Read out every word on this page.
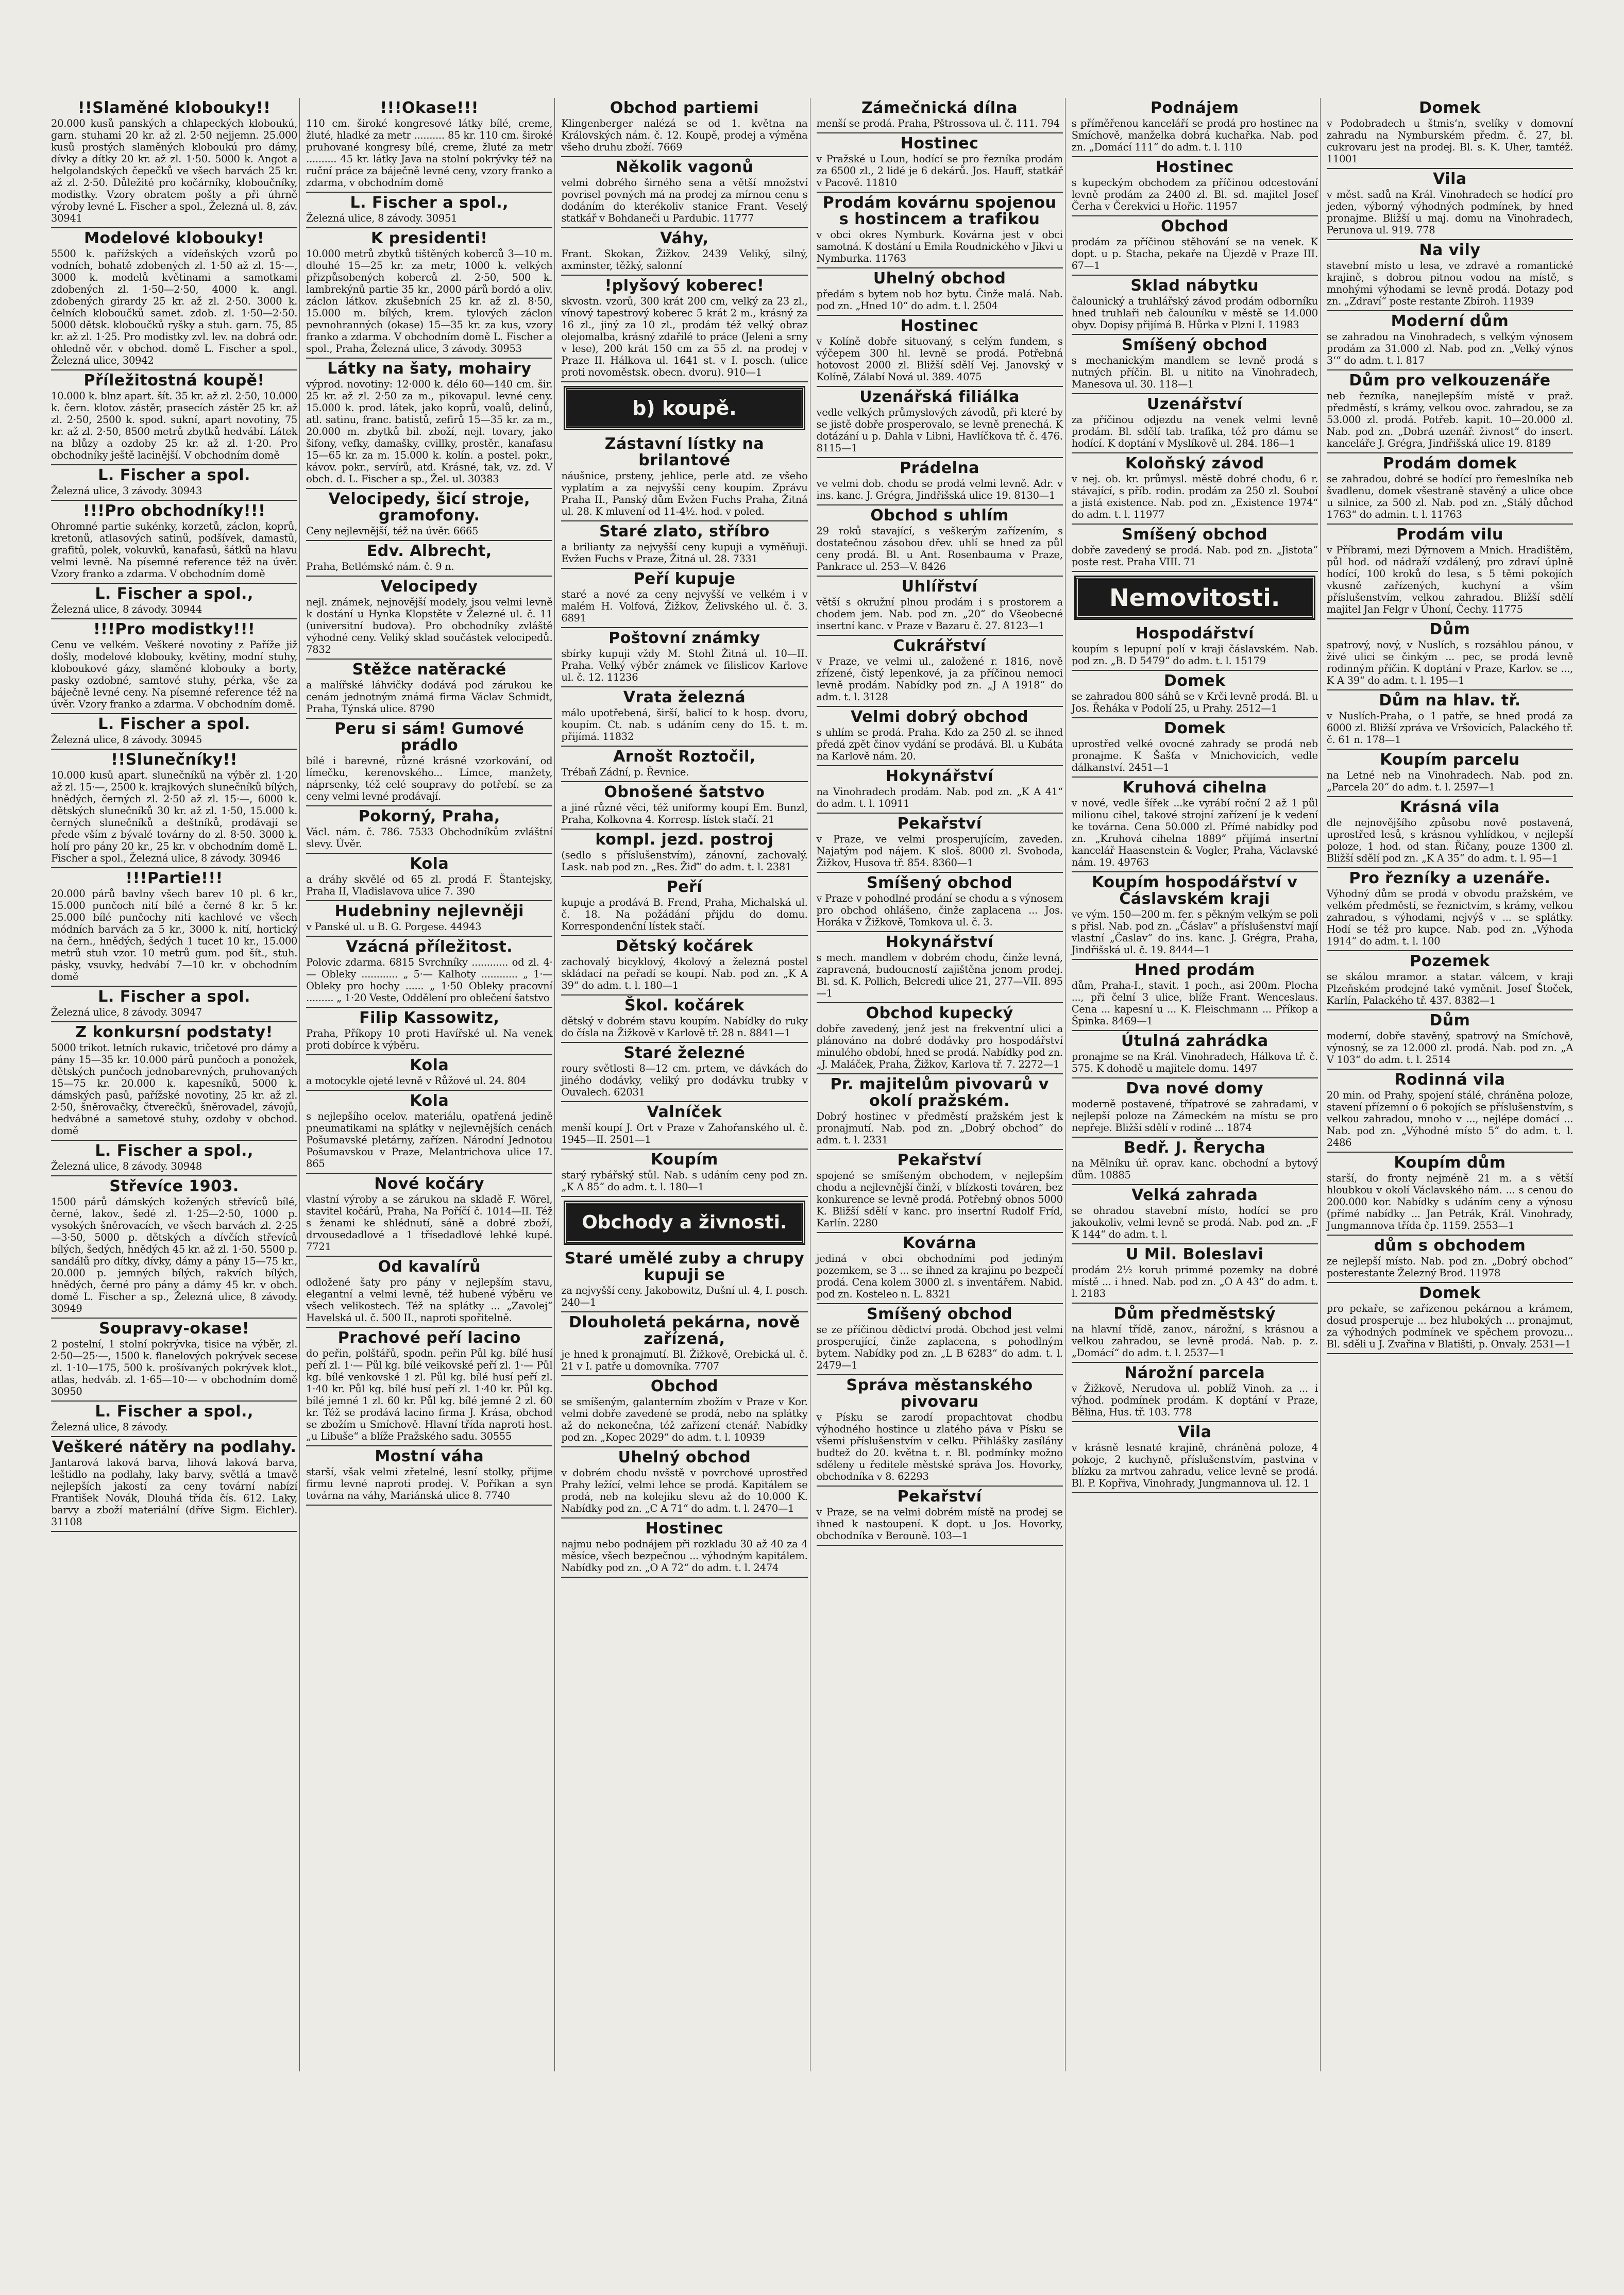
!!Slaměné klobouky!!

20.000 kusů panských a chlapeckých kloboukú, garn. stuhami 20 kr. až zl. 2·50 nejjemn. 25.000 kusů prostých slaměných kloboukú pro dámy, dívky a dítky 20 kr. až zl. 1·50. 5000 k. Angot a helgolandských čepečků ve všech barvách 25 kr. až zl. 2·50. Důležité pro kočárníky, kloboučníky, modistky. Vzory obratem pošty a při úhrně výroby levné L. Fischer a spol., Železná ul. 8, záv. 30941

Modelové klobouky!

5500 k. pařížských a vídeňských vzorů po vodních, bohatě zdobených zl. 1·50 až zl. 15·—, 3000 k. modelů květinami a samotkami zdobených zl. 1·50—2·50, 4000 k. angl. zdobených girardy 25 kr. až zl. 2·50. 3000 k. čelních kloboučků samet. zdob. zl. 1·50—2·50. 5000 dětsk. kloboučků ryšky a stuh. garn. 75, 85 kr. až zl. 1·25. Pro modistky zvl. lev. na dobrá odr. ohledně věr. v obchod. domě L. Fischer a spol., Železná ulice, 30942

Příležitostná koupě!

10.000 k. blnz apart. šít. 35 kr. až zl. 2·50, 10.000 k. čern. klotov. zástěr, prasecích zástěr 25 kr. až zl. 2·50, 2500 k. spod. sukní, apart novotiny, 75 kr. až zl. 2·50, 8500 metrů zbytků hedvábí. Látek na blůzy a ozdoby 25 kr. až zl. 1·20. Pro obchodníky ještě lacinější. V obchodním domě

L. Fischer a spol.

Železná ulice, 3 závody. 30943

!!!Pro obchodníky!!!

Ohromné partie sukénky, korzetů, záclon, koprů, kretonů, atlasových satinů, podšívek, damastů, grafitů, polek, vokuvků, kanafasů, šátků na hlavu velmi levně. Na písemné reference též na úvěr. Vzory franko a zdarma. V obchodním domě

L. Fischer a spol.,

Železná ulice, 8 závody. 30944

!!!Pro modistky!!!

Cenu ve velkém. Veškeré novotiny z Paříže již došly, modelové klobouky, květiny, modní stuhy, kloboukové gázy, slaměné klobouky a borty, pasky ozdobné, samtové stuhy, pérka, vše za báječně levné ceny. Na písemné reference též na úvěr. Vzory franko a zdarma. V obchodním domě.

L. Fischer a spol.

Železná ulice, 8 závody. 30945

!!Slunečníky!!

10.000 kusů apart. slunečníků na výběr zl. 1·20 až zl. 15·—, 2500 k. krajkových slunečníků bílých, hnědých, černých zl. 2·50 až zl. 15·—, 6000 k. dětských slunečníků 30 kr. až zl. 1·50, 15.000 k. černých slunečníků a deštníků, prodávají se přede vším z bývalé továrny do zl. 8·50. 3000 k. holí pro pány 20 kr., 25 kr. v obchodním domě L. Fischer a spol., Železná ulice, 8 závody. 30946

!!!Partie!!!

20.000 párů bavlny všech barev 10 pl. 6 kr., 15.000 punčoch nití bílé a černé 8 kr. 5 kr. 25.000 bílé punčochy niti kachlové ve všech módních barvách za 5 kr., 3000 k. nití, hortický na čern., hnědých, šedých 1 tucet 10 kr., 15.000 metrů stuh vzor. 10 metrů gum. pod šít., stuh. pásky, vsuvky, hedvábí 7—10 kr. v obchodním domě

L. Fischer a spol.

Železná ulice, 8 závody. 30947

Z konkursní podstaty!

5000 trikot. letních rukavic, tričetové pro dámy a pány 15—35 kr. 10.000 párů punčoch a ponožek, dětských punčoch jednobarevných, pruhovaných 15—75 kr. 20.000 k. kapesníků, 5000 k. dámských pasů, pařížské novotiny, 25 kr. až zl. 2·50, šněrovačky, čtverečků, šněrovadel, závojů, hedvábné a sametové stuhy, ozdoby v obchod. domě

L. Fischer a spol.,

Železná ulice, 8 závody. 30948

Střevíce 1903.

1500 párů dámských kožených střevíců bílé, černé, lakov., šedé zl. 1·25—2·50, 1000 p. vysokých šněrovacích, ve všech barvách zl. 2·25—3·50, 5000 p. dětských a dívčích střevíců bílých, šedých, hnědých 45 kr. až zl. 1·50. 5500 p. sandálů pro dítky, dívky, dámy a pány 15—75 kr., 20.000 p. jemných bílých, rakvích bílých, hnědých, černé pro pány a dámy 45 kr. v obch. domě L. Fischer a sp., Železná ulice, 8 závody. 30949

Soupravy-okase!

2 postelní, 1 stolní pokrývka, tisice na výběr, zl. 2·50—25·—, 1500 k. flanelových pokrývek secese zl. 1·10—175, 500 k. prošívaných pokrývek klot., atlas, hedváb. zl. 1·65—10·— v obchodním domě 30950

L. Fischer a spol.,

Železná ulice, 8 závody.

Veškeré nátěry na podlahy.

Jantarová laková barva, lihová laková barva, leštidlo na podlahy, laky barvy, světlá a tmavě nejlepších jakostí za ceny tovární nabízí František Novák, Dlouhá třída čís. 612. Laky, barvy a zboží materiální (dříve Sigm. Eichler). 31108

!!!Okase!!!

110 cm. široké kongresové látky bílé, creme, žluté, hladké za metr .......... 85 kr. 110 cm. široké pruhované kongresy bílé, creme, žluté za metr .......... 45 kr. látky Java na stolní pokrývky též na ruční práce za báječně levné ceny, vzory franko a zdarma, v obchodním domě

L. Fischer a spol.,

Železná ulice, 8 závody. 30951

K presidenti!

10.000 metrů zbytků tištěných koberců 3—10 m. dlouhé 15—25 kr. za metr, 1000 k. velkých přizpůsobených koberců zl. 2·50, 500 k. lambrekýnů partie 35 kr., 2000 párů bordó a oliv. záclon látkov. zkušebních 25 kr. až zl. 8·50, 15.000 m. bílých, krem. tylových záclon pevnohranných (okase) 15—35 kr. za kus, vzory franko a zdarma. V obchodním domě L. Fischer a spol., Praha, Železná ulice, 3 závody. 30953

Látky na šaty, mohairy

výprod. novotiny: 12·000 k. délo 60—140 cm. šir. 25 kr. až zl. 2·50 za m., pikovapul. levné ceny. 15.000 k. prod. látek, jako koprů, voalů, delinů, atl. satinu, franc. batistů, zefirů 15—35 kr. za m., 20.000 m. zbytků bil. zboží, nejl. tovary, jako šifony, vefky, damašky, cvillky, prostěr., kanafasu 15—65 kr. za m. 15.000 k. kolín. a postel. pokr., kávov. pokr., servírů, atd. Krásné, tak, vz. zd. V obch. d. L. Fischer a sp., Žel. ul. 30383

Velocipedy, šicí stroje, gramofony.

Ceny nejlevnější, též na úvěr. 6665

Edv. Albrecht,

Praha, Betlémské nám. č. 9 n.

Velocipedy

nejl. známek, nejnovější modely, jsou velmi levně k dostání u Hynka Klopstěte v Železné ul. č. 11 (universitní budova). Pro obchodníky zvláště výhodné ceny. Veliký sklad součástek velocipedů. 7832

Stěžce natěracké

a malířské láhvičky dodává pod zárukou ke cenám jednotným známá firma Václav Schmidt, Praha, Týnská ulice. 8790

Peru si sám! Gumové prádlo

bílé i barevné, různé krásné vzorkování, od límečku, kerenovského... Límce, manžety, náprsenky, též celé soupravy do potřebí. se za ceny velmi levné prodávají.

Pokorný, Praha,

Václ. nám. č. 786. 7533 Obchodníkům zvláštní slevy. Úvěr.

Kola

a dráhy skvělé od 65 zl. prodá F. Štantejsky, Praha II, Vladislavova ulice 7. 390

Hudebniny nejlevněji

v Panské ul. u B. G. Porgese. 44943

Vzácná příležitost.

Polovic zdarma. 6815 Svrchníky ............ od zl. 4·— Obleky ............ „ 5·— Kalhoty ............ „ 1·— Obleky pro hochy ...... „ 1·50 Obleky pracovní ......... „ 1·20 Veste, Oddělení pro oblečení šatstvo

Filip Kassowitz,

Praha, Příkopy 10 proti Havířské ul. Na venek proti dobírce k výběru.

Kola

a motocykle ojeté levně v Růžové ul. 24. 804

Kola

s nejlepšího ocelov. materiálu, opatřená jedině pneumatikami na splátky v nejlevnějších cenách Pošumavské pletárny, zařízen. Národní Jednotou Pošumavskou v Praze, Melantrichova ulice 17. 865

Nové kočáry

vlastní výroby a se zárukou na skladě F. Wörel, stavitel kočárů, Praha, Na Poříčí č. 1014—II. Též s ženami ke shlédnutí, sáně a dobré zboží, drvousedadlové a 1 třísedadlové lehké kupé. 7721

Od kavalírů

odložené šaty pro pány v nejlepším stavu, elegantní a velmi levně, též hubené výběru ve všech velikostech. Též na splátky ... „Zavolej“ Havelská ul. č. 500 II., naproti spořitelně.

Prachové peří lacino

do peřin, polštářů, spodn. peřin Půl kg. bílé husí peří zl. 1·— Půl kg. bílé veikovské peří zl. 1·— Půl kg. bílé venkovské 1 zl. Půl kg. bílé husí peří zl. 1·40 kr. Půl kg. bílé husí peří zl. 1·40 kr. Půl kg. bílé jemné 1 zl. 60 kr. Půl kg. bílé jemné 2 zl. 60 kr. Též se prodává lacino firma J. Krása, obchod se zbožím u Smíchově. Hlavní třída naproti host. „u Libuše“ a blíže Pražského sadu. 30555

Mostní váha

starší, však velmi zřetelné, lesní stolky, přijme firmu levné naproti prodej. V. Poříkan a syn továrna na váhy, Mariánská ulice 8. 7740

Obchod partiemi

Klingenberger nalézá se od 1. května na Královských nám. č. 12. Koupě, prodej a výměna všeho druhu zboží. 7669

Několik vagonů

velmi dobrého širného sena a větší množství povrisel povných má na prodej za mírnou cenu s dodáním do kterékoliv stanice Frant. Veselý statkář v Bohdaneči u Pardubic. 11777

Váhy,

Frant. Skokan, Žižkov. 2439 Veliký, silný, axminster, těžký, salonní

!plyšový koberec!

skvostn. vzorů, 300 krát 200 cm, velký za 23 zl., vínový tapestrový koberec 5 krát 2 m., krásný za 16 zl., jiný za 10 zl., prodám též velký obraz olejomalba, krásný zdařilé to práce (Jeleni a srny v lese), 200 krát 150 cm za 55 zl. na prodej v Praze II. Hálkova ul. 1641 st. v I. posch. (ulice proti novoměstsk. obecn. dvoru). 910—1

b) koupě.
Zástavní lístky na brilantové

náušnice, prsteny, jehlice, perle atd. ze všeho vyplatím a za nejvyšší ceny koupím. Zprávu Praha II., Panský dům Evžen Fuchs Praha, Žitná ul. 28. K mluvení od 11-4½. hod. v poled.

Staré zlato, stříbro

a brilianty za nejvyšší ceny kupuji a vyměňuji. Evžen Fuchs v Praze, Žitná ul. 28. 7331

Peří kupuje

staré a nové za ceny nejvyšší ve velkém i v malém H. Volfová, Žižkov, Želivského ul. č. 3. 6891

Poštovní známky

sbírky kupuji vždy M. Stohl Žitná ul. 10—II. Praha. Velký výběr známek ve filislicov Karlove ul. č. 12. 11236

Vrata železná

málo upotřebená, širší, balicí to k hosp. dvoru, koupím. Ct. nab. s udáním ceny do 15. t. m. přijímá. 11832

Arnošt Roztočil,

Trébaň Zádní, p. Řevnice.

Obnošené šatstvo

a jiné různé věci, též uniformy koupí Em. Bunzl, Praha, Kolkovna 4. Korresp. lístek stačí. 21

kompl. jezd. postroj

(sedlo s příslušenstvím), zánovní, zachovalý. Lask. nab pod zn. „Res. Žiď“ do adm. t. l. 2381

Peří

kupuje a prodává B. Frend, Praha, Michalská ul. č. 18. Na požádání přijdu do domu. Korrespondenční lístek stačí.

Dětský kočárek

zachovalý bicyklový, 4kolový a železná postel skládací na peřadí se koupí. Nab. pod zn. „K A 39“ do adm. t. l. 180—1

Škol. kočárek

dětský v dobrém stavu koupím. Nabídky do ruky do čísla na Žižkově v Karlově tř. 28 n. 8841—1

Staré železné

roury světlosti 8—12 cm. prtem, ve dávkách do jiného dodávky, veliký pro dodávku trubky v Ouvalech. 62031

Valníček

menší koupí J. Ort v Praze v Zahořanského ul. č. 1945—II. 2501—1

Koupím

starý rybářský stůl. Nab. s udáním ceny pod zn. „K A 85“ do adm. t. l. 180—1

Obchody a živnosti.
Staré umělé zuby a chrupy kupuji se

za nejvyšší ceny. Jakobowitz, Dušní ul. 4, I. posch. 240—1

Dlouholetá pekárna, nově zařízená,

je hned k pronajmutí. Bl. Žižkově, Orebická ul. č. 21 v I. patře u domovníka. 7707

Obchod

se smíšeným, galanterním zbožím v Praze v Kor. velmi dobře zavedené se prodá, nebo na splátky až do nekonečna, též zařízení ctenář. Nabídky pod zn. „Kopec 2029“ do adm. t. l. 10939

Uhelný obchod

v dobrém chodu nvšstě v povrchové uprostřed Prahy ležící, velmi lehce se prodá. Kapitálem se prodá, neb na kolejiku slevu až do 10.000 K. Nabídky pod zn. „C A 71“ do adm. t. l. 2470—1

Hostinec

najmu nebo podnájem při rozkladu 30 až 40 za 4 měsíce, všech bezpečnou ... výhodným kapitálem. Nabídky pod zn. „O A 72“ do adm. t. l. 2474

Zámečnická dílna

menší se prodá. Praha, Pštrossova ul. č. 111. 794

Hostinec

v Pražské u Loun, hodící se pro řezníka prodám za 6500 zl., 2 lidé je 6 dekárů. Jos. Hauff, statkář v Pacově. 11810

Prodám kovárnu spojenou s hostincem a trafikou

v obci okres Nymburk. Kovárna jest v obci samotná. K dostání u Emila Roudnického v Jikvi u Nymburka. 11763

Uhelný obchod

předám s bytem nob hoz bytu. Činže malá. Nab. pod zn. „Hned 10“ do adm. t. l. 2504

Hostinec

v Kolíně dobře situovaný, s celým fundem, s výčepem 300 hl. levně se prodá. Potřebná hotovost 2000 zl. Bližší sdělí Vej. Janovský v Kolíně, Zálabí Nová ul. 389. 4075

Uzenářská filiálka

vedle velkých průmyslových závodů, při které by se jistě dobře prosperovalo, se levně prenechá. K dotázání u p. Dahla v Libni, Havlíčkova tř. č. 476. 8115—1

Prádelna

ve velmi dob. chodu se prodá velmi levně. Adr. v ins. kanc. J. Grégra, Jindřišská ulice 19. 8130—1

Obchod s uhlím

29 roků stavající, s veškerým zařízením, s dostatečnou zásobou dřev. uhlí se hned za půl ceny prodá. Bl. u Ant. Rosenbauma v Praze, Pankrace ul. 253—V. 8426

Uhlířství

větší s okružní plnou prodám i s prostorem a chodem jem. Nab. pod zn. „20“ do Všeobecné insertní kanc. v Praze v Bazaru č. 27. 8123—1

Cukrářství

v Praze, ve velmi ul., založené r. 1816, nově zřízené, čistý lepenkové, ja za příčinou nemoci levně prodám. Nabídky pod zn. „J A 1918“ do adm. t. l. 3128

Velmi dobrý obchod

s uhlím se prodá. Praha. Kdo za 250 zl. se ihned předá zpět činov vydání se prodává. Bl. u Kubáta na Karlově nám. 20.

Hokynářství

na Vinohradech prodám. Nab. pod zn. „K A 41“ do adm. t. l. 10911

Pekařství

v Praze, ve velmi prosperujícím, zaveden. Najatým pod nájem. K sloš. 8000 zl. Svoboda, Žižkov, Husova tř. 854. 8360—1

Smíšený obchod

v Praze v pohodlné prodání se chodu a s výnosem pro obchod ohlášeno, činže zaplacena ... Jos. Horáka v Žižkově, Tomkova ul. č. 3.

Hokynářství

s mech. mandlem v dobrém chodu, činže levná, zapravená, budoucností zajištěna jenom prodej. Bl. sd. K. Pollich, Belcredi ulice 21, 277—VII. 895—1

Obchod kupecký

dobře zavedený, jenž jest na frekventní ulici a plánováno na dobré dodávky pro hospodářství minulého období, hned se prodá. Nabídky pod zn. „J. Maláček, Praha, Žižkov, Karlova tř. 7. 2272—1

Pr. majitelům pivovarů v okolí pražském.

Dobrý hostinec v předměstí pražském jest k pronajmutí. Nab. pod zn. „Dobrý obchod“ do adm. t. l. 2331

Pekařství

spojené se smíšeným obchodem, v nejlepším chodu a nejlevnější činží, v blízkosti továren, bez konkurence se levně prodá. Potřebný obnos 5000 K. Bližší sdělí v kanc. pro insertní Rudolf Fríd, Karlín. 2280

Kovárna

jediná v obci obchodními pod jediným pozemkem, se 3 ... se ihned za krajinu po bezpečí prodá. Cena kolem 3000 zl. s inventářem. Nabid. pod zn. Kosteleo n. L. 8321

Smíšený obchod

se ze příčinou dědictví prodá. Obchod jest velmi prosperující, činže zaplacena, s pohodlným bytem. Nabídky pod zn. „L B 6283“ do adm. t. l. 2479—1

Správa městanského pivovaru

v Písku se zarodí propachtovat chodbu výhodného hostince u zlatého páva v Písku se všemi příslušenstvím v celku. Přihlášky zasílány budtež do 20. května t. r. Bl. podmínky možno sděleny u ředitele městské správa Jos. Hovorky, obchodníka v 8. 62293

Pekařství

v Praze, se na velmi dobrém místě na prodej se ihned k nastoupení. K dopt. u Jos. Hovorky, obchodníka v Berouně. 103—1

Podnájem

s příměřenou kanceláří se prodá pro hostinec na Smíchově, manželka dobrá kuchařka. Nab. pod zn. „Domácí 111“ do adm. t. l. 110

Hostinec

s kupeckým obchodem za příčinou odcestování levně prodám za 2400 zl. Bl. sd. majitel Josef Čerha v Čerekvici u Hořic. 11957

Obchod

prodám za příčinou stěhování se na venek. K dopt. u p. Stacha, pekaře na Újezdě v Praze III. 67—1

Sklad nábytku

čalounický a truhlářský závod prodám odborníku hned truhlaři neb čalouníku v městě se 14.000 obyv. Dopisy přijímá B. Hůrka v Plzni I. 11983

Smíšený obchod

s mechanickým mandlem se levně prodá s nutných příčin. Bl. u nitito na Vinohradech, Manesova ul. 30. 118—1

Uzenářství

za příčinou odjezdu na venek velmi levně prodám. Bl. sdělí tab. trafika, též pro dámu se hodící. K doptání v Myslíkově ul. 284. 186—1

Koloňský závod

v nej. ob. kr. průmysl. městě dobré chodu, 6 r. stávající, s příb. rodin. prodám za 250 zl. Souboí a jistá existence. Nab. pod zn. „Existence 1974“ do adm. t. l. 11977

Smíšený obchod

dobře zavedený se prodá. Nab. pod zn. „Jistota“ poste rest. Praha VIII. 71

Nemovitosti.
Hospodářství

koupím s lepupní polí v kraji čáslavském. Nab. pod zn. „B. D 5479“ do adm. t. l. 15179

Domek

se zahradou 800 sáhů se v Krči levně prodá. Bl. u Jos. Řeháka v Podolí 25, u Prahy. 2512—1

Domek

uprostřed velké ovocné zahrady se prodá neb pronajme. K Šašťa v Mnichovicích, vedle dálkanství. 2451—1

Kruhová cihelna

v nové, vedle šířek ...ke vyrábí roční 2 až 1 půl milionu cihel, takové strojní zařízení je k vedení ke továrna. Cena 50.000 zl. Přímé nabídky pod zn. „Kruhová cihelna 1889“ přijímá insertní kancelář Haasenstein & Vogler, Praha, Václavské nám. 19. 49763

Koupím hospodářství v Čáslavském kraji

ve vým. 150—200 m. fer. s pěkným velkým se poli s přisl. Nab. pod zn. „Čáslav“ a příslušenství mají vlastní „Časlav“ do ins. kanc. J. Grégra, Praha, Jindřišská ul. č. 19. 8444—1

Hned prodám

dům, Praha-I., stavit. 1 poch., asi 200m. Plocha ..., při čelní 3 ulice, blíže Frant. Wenceslaus. Cena ... kapesní u ... K. Fleischmann ... Příkop a Špinka. 8469—1

Útulná zahrádka

pronajme se na Král. Vinohradech, Hálkova tř. č. 575. K dohodě u majitele domu. 1497

Dva nové domy

moderně postavené, třípatrové se zahradami, v nejlepší poloze na Zámeckém na místu se pro nepřeje. Bližší sdělí v rodině ... 1874

Bedř. J. Řerycha

na Mělníku úř. oprav. kanc. obchodní a bytový dům. 10885

Velká zahrada

se ohradou stavební místo, hodící se pro jakoukoliv, velmi levně se prodá. Nab. pod zn. „F K 144“ do adm. t. l.

U Mil. Boleslavi

prodám 2½ koruh primmé pozemky na dobré místě ... i hned. Nab. pod zn. „O A 43“ do adm. t. l. 2183

Dům předměstský

na hlavní třídě, zanov., nárožní, s krásnou a velkou zahradou, se levně prodá. Nab. p. z. „Domácí“ do adm. t. l. 2537—1

Nárožní parcela

v Žižkově, Nerudova ul. poblíž Vinoh. za ... i výhod. podmínek prodám. K doptání v Praze, Bělina, Hus. tř. 103. 778

Vila

v krásně lesnaté krajině, chráněná poloze, 4 pokoje, 2 kuchyně, příslušenstvím, pastvina v blízku za mrtvou zahradu, velice levně se prodá. Bl. P. Kopřiva, Vinohrady, Jungmannova ul. 12. 1

Domek

v Podobradech u štmis‘n, svelíky v domovní zahradu na Nymburském předm. č. 27, bl. cukrovaru jest na prodej. Bl. s. K. Uher, tamtéž. 11001

Vila

v měst. sadů na Král. Vinohradech se hodící pro jeden, výborný výhodných podmínek, by hned pronajme. Bližší u maj. domu na Vinohradech, Perunova ul. 919. 778

Na vily

stavební místo u lesa, ve zdravé a romantické krajině, s dobrou pitnou vodou na místě, s mnohými výhodami se levně prodá. Dotazy pod zn. „Zdraví“ poste restante Zbiroh. 11939

Moderní dům

se zahradou na Vinohradech, s velkým výnosem prodám za 31.000 zl. Nab. pod zn. „Velký výnos 3‘“ do adm. t. l. 817

Dům pro velkouzenáře

neb řezníka, nanejlepším místě v praž. předměstí, s krámy, velkou ovoc. zahradou, se za 53.000 zl. prodá. Potřeb. kapit. 10—20.000 zl. Nab. pod zn. „Dobrá uzenář. živnost“ do insert. kanceláře J. Grégra, Jindřišská ulice 19. 8189

Prodám domek

se zahradou, dobré se hodící pro řemeslníka neb švadlenu, domek všestraně stavěný a ulice obce u silnice, za 500 zl. Nab. pod zn. „Stálý důchod 1763“ do admin. t. l. 11763

Prodám vilu

v Příbrami, mezi Dýrnovem a Mnich. Hradištěm, půl hod. od nádraží vzdálený, pro zdraví úplně hodící, 100 kroků do lesa, s 5 těmi pokojích vkusně zařízených, kuchyní a vším příslušenstvím, velkou zahradou. Bližší sdělí majitel Jan Felgr v Úhoní, Čechy. 11775

Dům

spatrový, nový, v Nuslích, s rozsáhlou pánou, v živé ulici se činkým ... pec, se prodá levně rodinným příčin. K doptání v Praze, Karlov. se ..., K A 39“ do adm. t. l. 195—1

Dům na hlav. tř.

v Nuslích-Praha, o 1 patře, se hned prodá za 6000 zl. Bližší zpráva ve Vršovicích, Palackého tř. č. 61 n. 178—1

Koupím parcelu

na Letné neb na Vinohradech. Nab. pod zn. „Parcela 20“ do adm. t. l. 2597—1

Krásná vila

dle nejnovějšího způsobu nově postavená, uprostřed lesů, s krásnou vyhlídkou, v nejlepší poloze, 1 hod. od stan. Řičany, pouze 1300 zl. Bližší sdělí pod zn. „K A 35“ do adm. t. l. 95—1

Pro řezníky a uzenáře.

Výhodný dům se prodá v obvodu pražském, ve velkém předměstí, se řeznictvím, s krámy, velkou zahradou, s výhodami, nejvýš v ... se splátky. Hodí se též pro kupce. Nab. pod zn. „Výhoda 1914“ do adm. t. l. 100

Pozemek

se skálou mramor. a statar. válcem, v kraji Plzeňském prodejné také vyměnit. Josef Štoček, Karlín, Palackého tř. 437. 8382—1

Dům

moderní, dobře stavěný, spatrový na Smíchově, výnosný, se za 12.000 zl. prodá. Nab. pod zn. „A V 103“ do adm. t. l. 2514

Rodinná vila

20 min. od Prahy, spojení stálé, chráněna poloze, stavení přízemní o 6 pokojích se příslušenstvím, s velkou zahradou, mnoho v ..., nejlépe domácí ... Nab. pod zn. „Výhodné místo 5“ do adm. t. l. 2486

Koupím dům

starší, do fronty nejméně 21 m. a s větší hloubkou v okolí Václavského nám. ... s cenou do 200.000 kor. Nabídky s udáním ceny a výnosu (přímé nabídky ... Jan Petrák, Král. Vinohrady, Jungmannova třída čp. 1159. 2553—1

dům s obchodem

ze nejlepší místo. Nab. pod zn. „Dobrý obchod“ posterestante Železný Brod. 11978

Domek

pro pekaře, se zařízenou pekárnou a krámem, dosud prosperuje ... bez hlubokých ... pronajmut, za výhodných podmínek ve spěchem provozu... Bl. sděli u J. Zvařina v Blatišti, p. Onvaly. 2531—1
